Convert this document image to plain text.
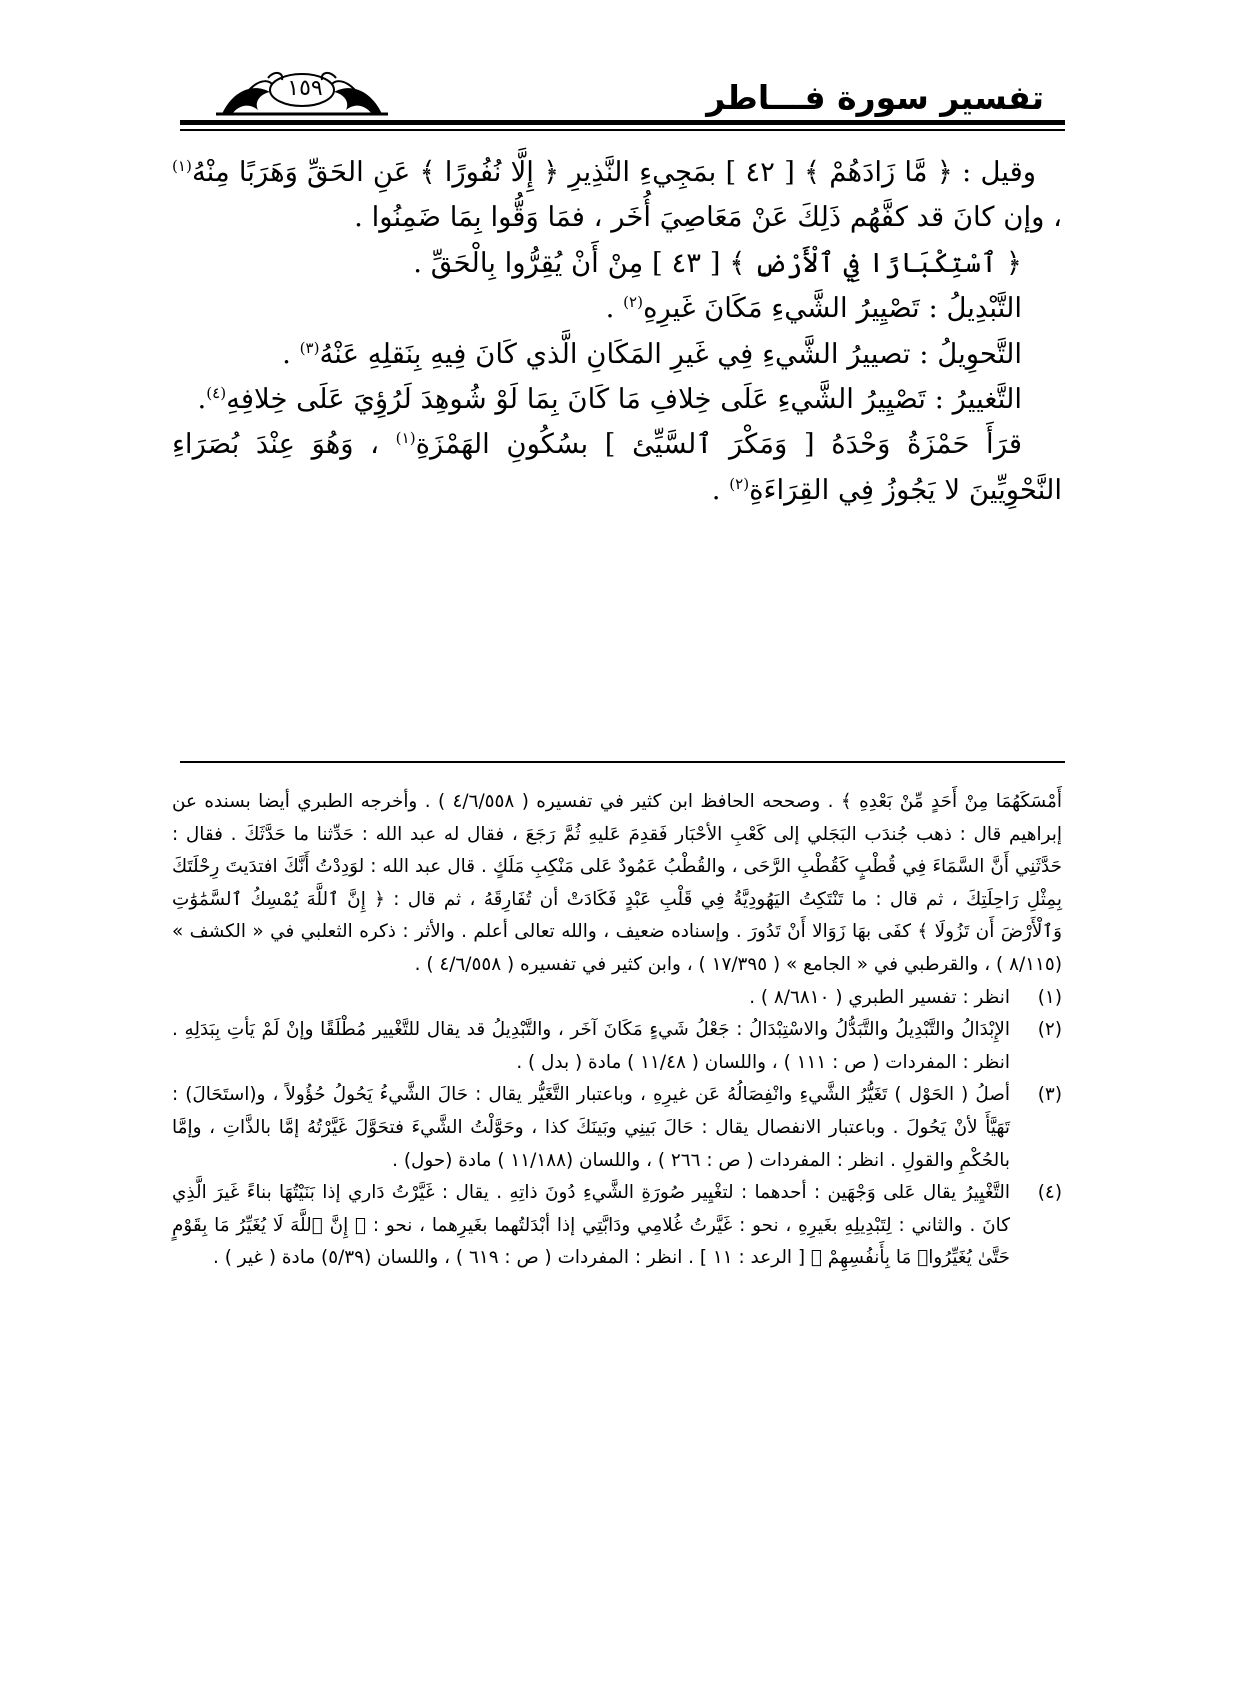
تفسير سورة فـــاطر
١٥٩

وقيل : ﴿ مَّا زَادَهُمْ ﴾ [ ٤٢ ] بمَجِيءِ النَّذِيرِ ﴿ إِلَّا نُفُورًا ﴾ عَنِ الحَقِّ وَهَرَبًا مِنْهُ$^{(١)}$ ، وإن كانَ قد كفَّهُم ذَلِكَ عَنْ مَعَاصِيَ أُخَر ، فمَا وَقُّوا بِمَا ضَمِنُوا .

﴿ ٱسْتِكْبَارًا فِي ٱلْأَرْضِ ﴾ [ ٤٣ ] مِنْ أَنْ يُقِرُّوا بِالْحَقِّ .

التَّبْدِيلُ : تَصْيِيرُ الشَّيءِ مَكَانَ غَيرِهِ$^{(٢)}$ .

التَّحوِيلُ : تصييرُ الشَّيءِ فِي غَيرِ المَكَانِ الَّذي كَانَ فِيهِ بِنَقلِهِ عَنْهُ$^{(٣)}$ .

التَّغييرُ : تَصْيِيرُ الشَّيءِ عَلَى خِلافِ مَا كَانَ بِمَا لَوْ شُوهِدَ لَرُؤِيَ عَلَى خِلافِهِ$^{(٤)}$.

قرَأَ حَمْزَةُ وَحْدَهُ [ وَمَكْرَ ٱلسَّيِّئ ] بسُكُونِ الهَمْزَةِ$^{(١)}$ ، وَهُوَ عِنْدَ بُصَرَاءِ النَّحْوِيِّينَ لا يَجُوزُ فِي القِرَاءَةِ$^{(٢)}$ .

أَمْسَكَهُمَا مِنْ أَحَدٍ مِّنْ بَعْدِهِ ﴾ . وصححه الحافظ ابن كثير في تفسيره ( ٤/٦/٥٥٨ ) . وأخرجه الطبري أيضا بسنده عن إبراهيم قال : ذهب جُندَب البَجَلي إلى كَعْبِ الأحْبَار فَقدِمَ عَليهِ ثُمَّ رَجَعَ ، فقال له عبد الله : حَدِّثنا ما حَدَّثَكَ . فقال : حَدَّثَنِي أَنَّ السَّمَاءَ فِي قُطْبٍ كَقُطْبِ الرَّحَى ، والقُطْبُ عَمُودٌ عَلى مَنْكِبِ مَلَكٍ . قال عبد الله : لوَدِدْتُ أَنَّكَ افتدَيتَ رِحْلَتَكَ بِمِثْلِ رَاحِلَتِكَ ، ثم قال : ما تَنْتَكِتُ اليَهُودِيَّةُ فِي قَلْبِ عَبْدٍ فَكَادَتْ أن تُفَارِقَهُ ، ثم قال : ﴿ إِنَّ ٱللَّهَ يُمْسِكُ ٱلسَّمَٰوَٰتِ وَٱلْأَرْضَ أَن تَزُولَا ﴾ كفَى بهَا زَوَالا أَنْ تَدُورَ . وإسناده ضعيف ، والله تعالى أعلم . والأثر : ذكره الثعلبي في « الكشف » (٨/١١٥ ) ، والقرطبي في « الجامع » ( ١٧/٣٩٥ ) ، وابن كثير في تفسيره ( ٤/٦/٥٥٨ ) .

(١)
انظر : تفسير الطبري ( ٨/٦٨١٠ ) .

(٢)
الإِبْدَالُ والتَّبْدِيلُ والتَّبَدُّلُ والاسْتِبْدَالُ : جَعْلُ شَيءٍ مَكَانَ آخَر ، والتَّبْدِيلُ قد يقال للتَّغْيير مُطْلَقًا وإنْ لَمْ يَأتِ بِبَدَلِهِ . انظر : المفردات ( ص : ١١١ ) ، واللسان ( ١١/٤٨ ) مادة ( بدل ) .

(٣)
أصلُ ( الحَوْل ) تَغَيُّرُ الشَّيءِ وانْفِصَالُهُ عَن غيرِهِ ، وباعتبار التَّغَيُّر يقال : حَالَ الشَّيءُ يَحُولُ حُؤُولاً ، و(استَحَالَ) : تَهَيَّأَ لأنْ يَحُولَ . وباعتبار الانفصال يقال : حَالَ بَينِي وبَينَكَ كذا ، وحَوَّلْتُ الشَّيءَ فتحَوَّلَ غَيَّرْتُهُ إمَّا بالذَّاتِ ، وإمَّا بالحُكْمِ والقولِ . انظر : المفردات ( ص : ٢٦٦ ) ، واللسان (١١/١٨٨ ) مادة (حول) .

(٤)
التَّغْيِيرُ يقال عَلى وَجْهَين : أحدهما : لتغْيِير صُورَةِ الشَّيءِ دُونَ ذاتِهِ . يقال : غَيَّرْتُ دَاري إذا بَنَيْتُهَا بناءً غَيرَ الَّذِي كانَ . والثاني : لِتَبْدِيلِهِ بغَيرِهِ ، نحو : غَيَّرتُ غُلامِي ودَابَّتِي إذا أبْدَلتُهما بغَيرِهما ، نحو : ﴿ إِنَّ ٱللَّهَ لَا يُغَيِّرُ مَا بِقَوْمٍ حَتَّىٰ يُغَيِّرُوا۟ مَا بِأَنفُسِهِمْ ﴾ [ الرعد : ١١ ] . انظر : المفردات ( ص : ٦١٩ ) ، واللسان (٥/٣٩) مادة ( غير ) .
